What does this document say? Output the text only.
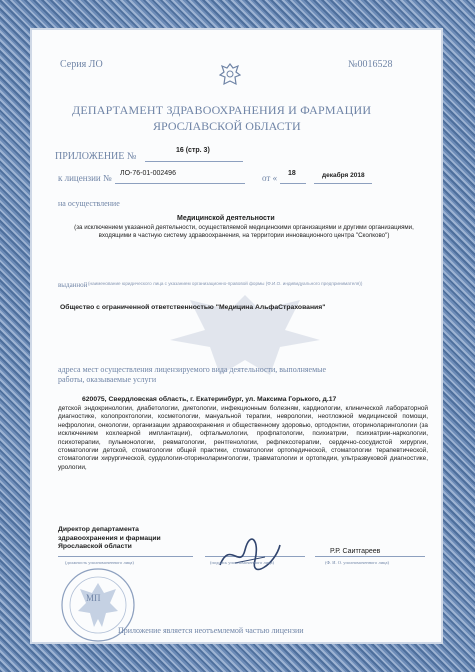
Серия ЛО	№0016528
ДЕПАРТАМЕНТ ЗДРАВООХРАНЕНИЯ И ФАРМАЦИИ
ЯРОСЛАВСКОЙ ОБЛАСТИ
ПРИЛОЖЕНИЕ №
16 (стр. 3)
к лицензии № ЛО-76-01-002496	от « 18	декабря 2018
на осуществление
Медицинской деятельности
(за исключением указанной деятельности, осуществляемой медицинскими организациями и другими организациями, входящими в частную систему здравоохранения, на территории инновационного центра "Сколково")
выданной (наименование юридического лица с указанием организационно-правовой формы (Ф.И.О. индивидуального предпринимателя))
Общество с ограниченной ответственностью "Медицина АльфаСтрахования"
адреса мест осуществления лицензируемого вида деятельности, выполняемые работы, оказываемые услуги
620075, Свердловская область, г. Екатеринбург, ул. Максима Горького, д.17
детской эндокринологии, диабетологии, диетологии, инфекционным болезням, кардиологии, клинической лабораторной диагностике, колопроктологии, косметологии, мануальной терапии, неврологии, неотложной медицинской помощи, нефрологии, онкологии, организации здравоохранения и общественному здоровью, ортодонтии, оториноларингологии (за исключением кохлеарной имплантации), офтальмологии, профпатологии, психиатрии, психиатрии-наркологии, психотерапии, пульмонологии, ревматологии, рентгенологии, рефлексотерапии, сердечно-сосудистой хирургии, стоматологии детской, стоматологии общей практики, стоматологии ортопедической, стоматологии терапевтической, стоматологии хирургической, сурдологии-оториноларингологии, травматологии и ортопедии, ультразвуковой диагностике, урологии,
Директор департамента здравоохранения и фармации Ярославской области
Р.Р. Саитгареев
(должность уполномоченного лица)	(подпись уполномоченного лица)	(Ф. И. О. уполномоченного лица)
МП
Приложение является неотъемлемой частью лицензии
